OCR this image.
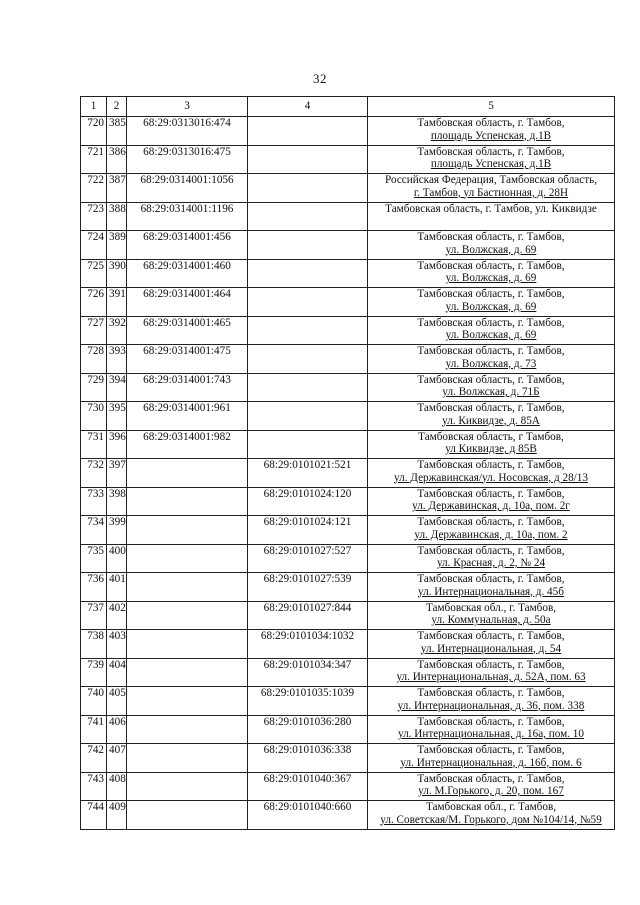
32
1	2	3	4	5
720	385	68:29:0313016:474		Тамбовская область, г. Тамбов,
площадь Успенская, д.1В

721	386	68:29:0313016:475		Тамбовская область, г. Тамбов,
площадь Успенская, д.1В

722	387	68:29:0314001:1056		Российская Федерация, Тамбовская область,
г. Тамбов, ул Бастионная, д. 28Н

723	388	68:29:0314001:1196		Тамбовская область, г. Тамбов, ул. Киквидзе

724	389	68:29:0314001:456		Тамбовская область, г. Тамбов,
ул. Волжская, д. 69

725	390	68:29:0314001:460		Тамбовская область, г. Тамбов,
ул. Волжская, д. 69

726	391	68:29:0314001:464		Тамбовская область, г. Тамбов,
ул. Волжская, д. 69

727	392	68:29:0314001:465		Тамбовская область, г. Тамбов,
ул. Волжская, д. 69

728	393	68:29:0314001:475		Тамбовская область, г. Тамбов,
ул. Волжская, д. 73

729	394	68:29:0314001:743		Тамбовская область, г. Тамбов,
ул. Волжская, д. 71Б

730	395	68:29:0314001:961		Тамбовская область, г. Тамбов,
ул. Киквидзе, д. 85А

731	396	68:29:0314001:982		Тамбовская область, г Тамбов,
ул Киквидзе, д 85В

732	397		68:29:0101021:521	Тамбовская область, г. Тамбов,
ул. Державинская/ул. Носовская, д 28/13

733	398		68:29:0101024:120	Тамбовская область, г. Тамбов,
ул. Державинская, д. 10а, пом. 2г

734	399		68:29:0101024:121	Тамбовская область, г. Тамбов,
ул. Державинская, д. 10а, пом. 2

735	400		68:29:0101027:527	Тамбовская область, г. Тамбов,
ул. Красная, д. 2, № 24

736	401		68:29:0101027:539	Тамбовская область, г. Тамбов,
ул. Интернациональная, д. 45б

737	402		68:29:0101027:844	Тамбовская обл., г. Тамбов,
ул. Коммунальная, д. 50а

738	403		68:29:0101034:1032	Тамбовская область, г. Тамбов,
ул. Интернациональная, д. 54

739	404		68:29:0101034:347	Тамбовская область, г. Тамбов,
ул. Интернациональная, д. 52А, пом. 63

740	405		68:29:0101035:1039	Тамбовская область, г. Тамбов,
ул. Интернациональная, д. 36, пом. 338

741	406		68:29:0101036:280	Тамбовская область, г. Тамбов,
ул. Интернациональная, д. 16а, пом. 10

742	407		68:29:0101036:338	Тамбовская область, г. Тамбов,
ул. Интернациональная, д. 16б, пом. 6

743	408		68:29:0101040:367	Тамбовская область, г. Тамбов,
ул. М.Горького, д. 20, пом. 167

744	409		68:29:0101040:660	Тамбовская обл., г. Тамбов,
ул. Советская/М. Горького, дом №104/14, №59
